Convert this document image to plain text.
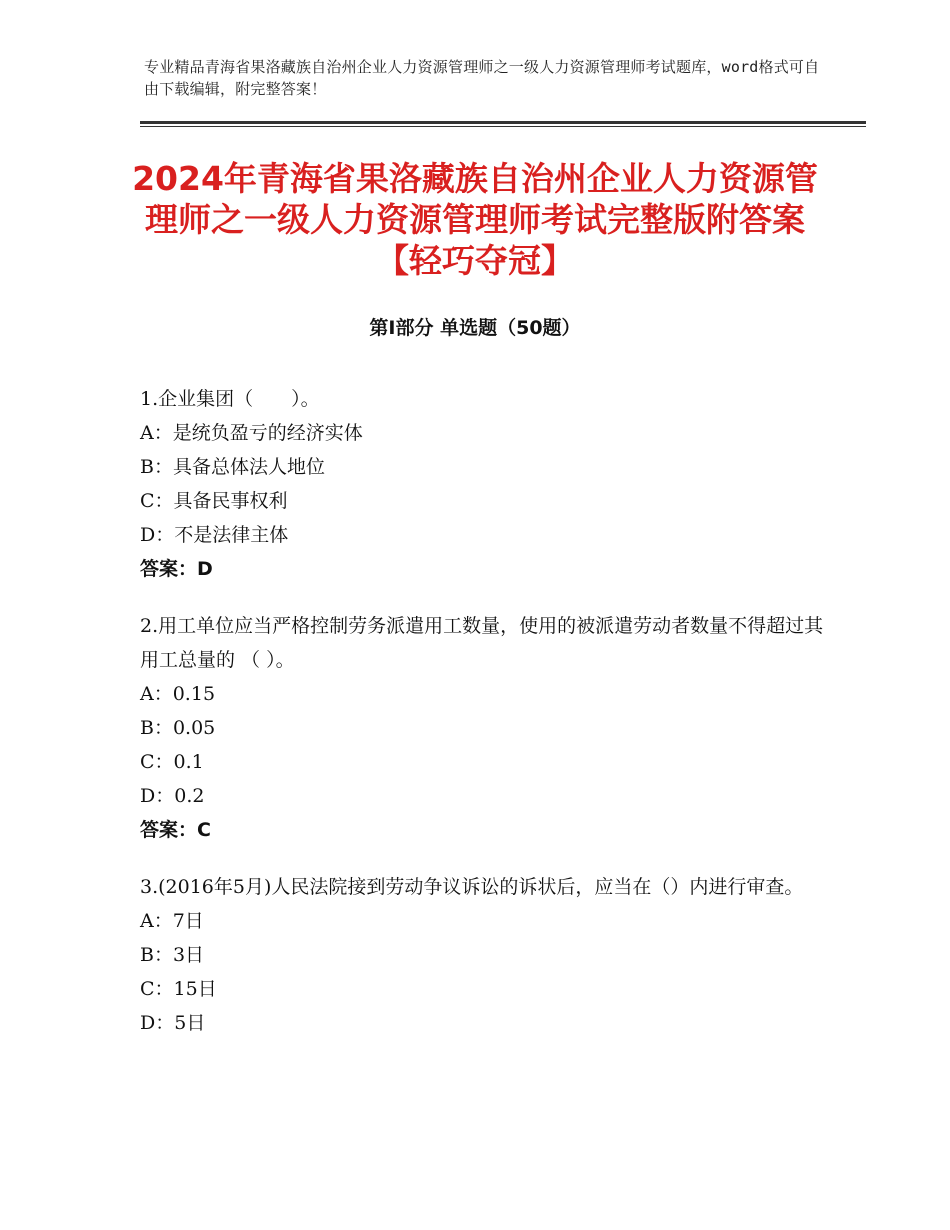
专业精品青海省果洛藏族自治州企业人力资源管理师之一级人力资源管理师考试题库，word格式可自由下载编辑，附完整答案！
2024年青海省果洛藏族自治州企业人力资源管理师之一级人力资源管理师考试完整版附答案【轻巧夺冠】
第Ⅰ部分 单选题（50题）

1.企业集团（　　）。

A：是统负盈亏的经济实体

B：具备总体法人地位

C：具备民事权利

D：不是法律主体

答案：D

2.用工单位应当严格控制劳务派遣用工数量，使用的被派遣劳动者数量不得超过其用工总量的 （ ）。

A：0.15

B：0.05

C：0.1

D：0.2

答案：C

3.(2016年5月)人民法院接到劳动争议诉讼的诉状后，应当在（）内进行审查。

A：7日

B：3日

C：15日

D：5日
